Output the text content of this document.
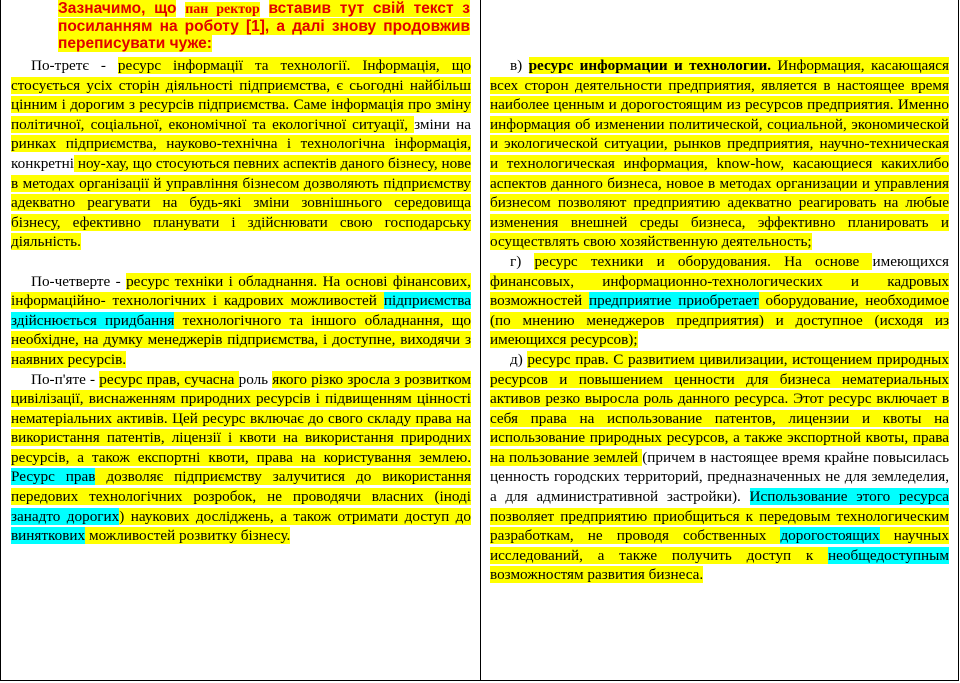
Зазначимо, що пан ректор вставив тут свій текст з посиланням на роботу [1], а далі знову продовжив переписувати чуже:

По-третє - ресурс інформації та технології. Інформація, що стосується усіх сторін діяльності підприємства, є сьогодні найбільш цінним і дорогим з ресурсів підприємства. Саме інформація про зміну політичної, соціальної, економічної та екологічної ситуації, зміни на ринках підприємства, науково-технічна і технологічна інформація, конкретні ноу-хау, що стосуються певних аспектів даного бізнесу, нове в методах організації й управління бізнесом дозволяють підприємству адекватно реагувати на будь-які зміни зовнішнього середовища бізнесу, ефективно планувати і здійснювати свою господарську діяльність.

По-четверте - ресурс техніки і обладнання. На основі фінансових, інформаційно- технологічних і кадрових можливостей підприємства здійснюється придбання технологічного та іншого обладнання, що необхідне, на думку менеджерів підприємства, і доступне, виходячи з наявних ресурсів.

По-п'яте - ресурс прав, сучасна роль якого різко зросла з розвитком цивілізації, виснаженням природних ресурсів і підвищенням цінності нематеріальних активів. Цей ресурс включає до свого складу права на використання патентів, ліцензії і квоти на використання природних ресурсів, а також експортні квоти, права на користування землею. Ресурс прав дозволяє підприємству залучитися до використання передових технологічних розробок, не проводячи власних (іноді занадто дорогих) наукових досліджень, а також отримати доступ до виняткових можливостей розвитку бізнесу.

в) ресурс информации и технологии. Информация, касающаяся всех сторон деятельности предприятия, является в настоящее время наиболее ценным и дорогостоящим из ресурсов предприятия. Именно информация об изменении политической, социальной, экономической и экологической ситуации, рынков предприятия, научно-техническая и технологическая информация, know-how, касающиеся какихлибо аспектов данного бизнеса, новое в методах организации и управления бизнесом позволяют предприятию адекватно реагировать на любые изменения внешней среды бизнеса, эффективно планировать и осуществлять свою хозяйственную деятельность;

г) ресурс техники и оборудования. На основе имеющихся финансовых, информационно-технологических и кадровых возможностей предприятие приобретает оборудование, необходимое (по мнению менеджеров предприятия) и доступное (исходя из имеющихся ресурсов);

д) ресурс прав. С развитием цивилизации, истощением природных ресурсов и повышением ценности для бизнеса нематериальных активов резко выросла роль данного ресурса. Этот ресурс включает в себя права на использование патентов, лицензии и квоты на использование природных ресурсов, а также экспортной квоты, права на пользование землей (причем в настоящее время крайне повысилась ценность городских территорий, предназначенных не для земледелия, а для административной застройки). Использование этого ресурса позволяет предприятию приобщиться к передовым технологическим разработкам, не проводя собственных дорогостоящих научных исследований, а также получить доступ к необщедоступным возможностям развития бизнеса.
